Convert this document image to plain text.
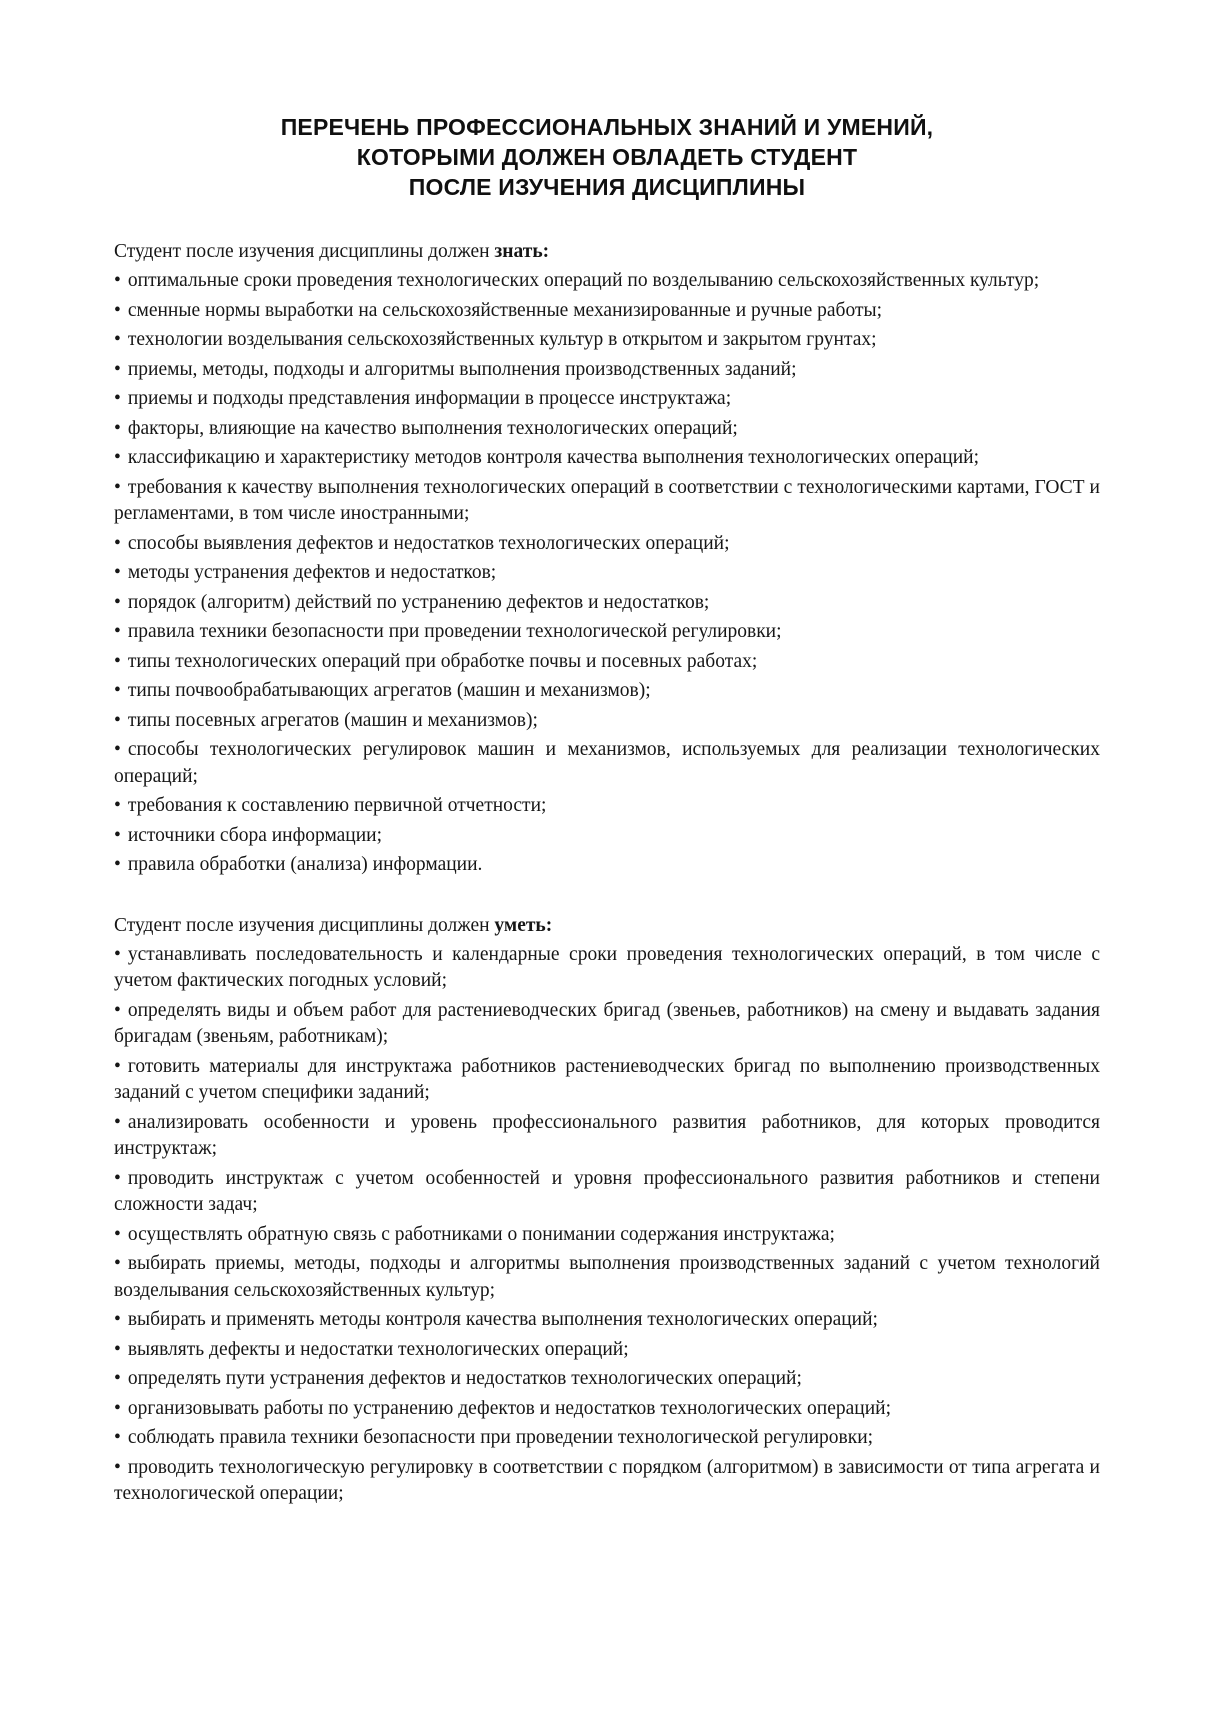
ПЕРЕЧЕНЬ ПРОФЕССИОНАЛЬНЫХ ЗНАНИЙ И УМЕНИЙ,
КОТОРЫМИ ДОЛЖЕН ОВЛАДЕТЬ СТУДЕНТ
ПОСЛЕ ИЗУЧЕНИЯ ДИСЦИПЛИНЫ

Студент после изучения дисциплины должен знать:

• оптимальные сроки проведения технологических операций по возделыванию сельскохозяйственных культур;
• сменные нормы выработки на сельскохозяйственные механизированные и ручные работы;
• технологии возделывания сельскохозяйственных культур в открытом и закрытом грунтах;
• приемы, методы, подходы и алгоритмы выполнения производственных заданий;
• приемы и подходы представления информации в процессе инструктажа;
• факторы, влияющие на качество выполнения технологических операций;
• классификацию и характеристику методов контроля качества выполнения технологических операций;
• требования к качеству выполнения технологических операций в соответствии с технологическими картами, ГОСТ и регламентами, в том числе иностранными;
• способы выявления дефектов и недостатков технологических операций;
• методы устранения дефектов и недостатков;
• порядок (алгоритм) действий по устранению дефектов и недостатков;
• правила техники безопасности при проведении технологической регулировки;
• типы технологических операций при обработке почвы и посевных работах;
• типы почвообрабатывающих агрегатов (машин и механизмов);
• типы посевных агрегатов (машин и механизмов);
• способы технологических регулировок машин и механизмов, используемых для реализации технологических операций;
• требования к составлению первичной отчетности;
• источники сбора информации;
• правила обработки (анализа) информации.

Студент после изучения дисциплины должен уметь:

• устанавливать последовательность и календарные сроки проведения технологических операций, в том числе с учетом фактических погодных условий;
• определять виды и объем работ для растениеводческих бригад (звеньев, работников) на смену и выдавать задания бригадам (звеньям, работникам);
• готовить материалы для инструктажа работников растениеводческих бригад по выполнению производственных заданий с учетом специфики заданий;
• анализировать особенности и уровень профессионального развития работников, для которых проводится инструктаж;
• проводить инструктаж с учетом особенностей и уровня профессионального развития работников и степени сложности задач;
• осуществлять обратную связь с работниками о понимании содержания инструктажа;
• выбирать приемы, методы, подходы и алгоритмы выполнения производственных заданий с учетом технологий возделывания сельскохозяйственных культур;
• выбирать и применять методы контроля качества выполнения технологических операций;
• выявлять дефекты и недостатки технологических операций;
• определять пути устранения дефектов и недостатков технологических операций;
• организовывать работы по устранению дефектов и недостатков технологических операций;
• соблюдать правила техники безопасности при проведении технологической регулировки;
• проводить технологическую регулировку в соответствии с порядком (алгоритмом) в зависимости от типа агрегата и технологической операции;
